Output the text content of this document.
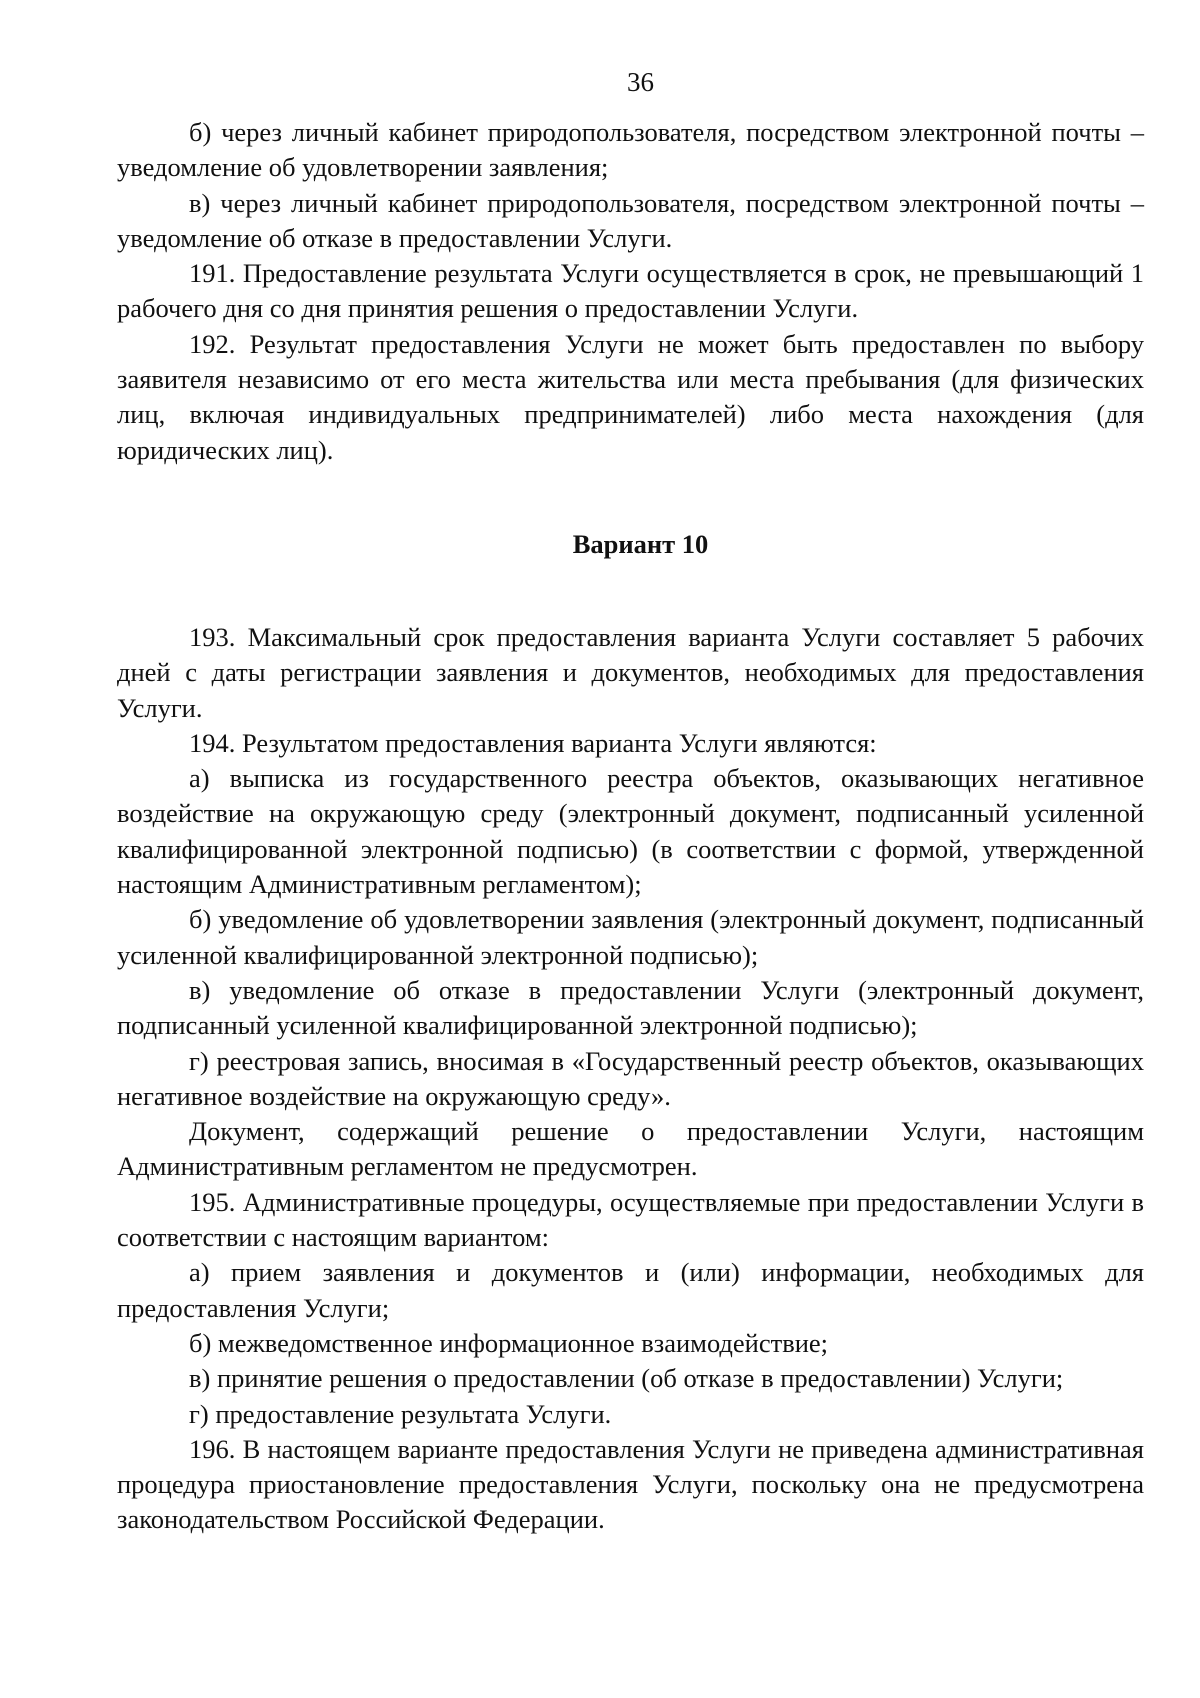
36

б) через личный кабинет природопользователя, посредством электронной почты – уведомление об удовлетворении заявления;

в) через личный кабинет природопользователя, посредством электронной почты – уведомление об отказе в предоставлении Услуги.

191. Предоставление результата Услуги осуществляется в срок, не превышающий 1 рабочего дня со дня принятия решения о предоставлении Услуги.

192. Результат предоставления Услуги не может быть предоставлен по выбору заявителя независимо от его места жительства или места пребывания (для физических лиц, включая индивидуальных предпринимателей) либо места нахождения (для юридических лиц).

Вариант 10

193. Максимальный срок предоставления варианта Услуги составляет 5 рабочих дней с даты регистрации заявления и документов, необходимых для предоставления Услуги.

194. Результатом предоставления варианта Услуги являются:

а) выписка из государственного реестра объектов, оказывающих негативное воздействие на окружающую среду (электронный документ, подписанный усиленной квалифицированной электронной подписью) (в соответствии с формой, утвержденной настоящим Административным регламентом);

б) уведомление об удовлетворении заявления (электронный документ, подписанный усиленной квалифицированной электронной подписью);

в) уведомление об отказе в предоставлении Услуги (электронный документ, подписанный усиленной квалифицированной электронной подписью);

г) реестровая запись, вносимая в «Государственный реестр объектов, оказывающих негативное воздействие на окружающую среду».

Документ, содержащий решение о предоставлении Услуги, настоящим Административным регламентом не предусмотрен.

195. Административные процедуры, осуществляемые при предоставлении Услуги в соответствии с настоящим вариантом:

а) прием заявления и документов и (или) информации, необходимых для предоставления Услуги;

б) межведомственное информационное взаимодействие;

в) принятие решения о предоставлении (об отказе в предоставлении) Услуги;

г) предоставление результата Услуги.

196. В настоящем варианте предоставления Услуги не приведена административная процедура приостановление предоставления Услуги, поскольку она не предусмотрена законодательством Российской Федерации.
